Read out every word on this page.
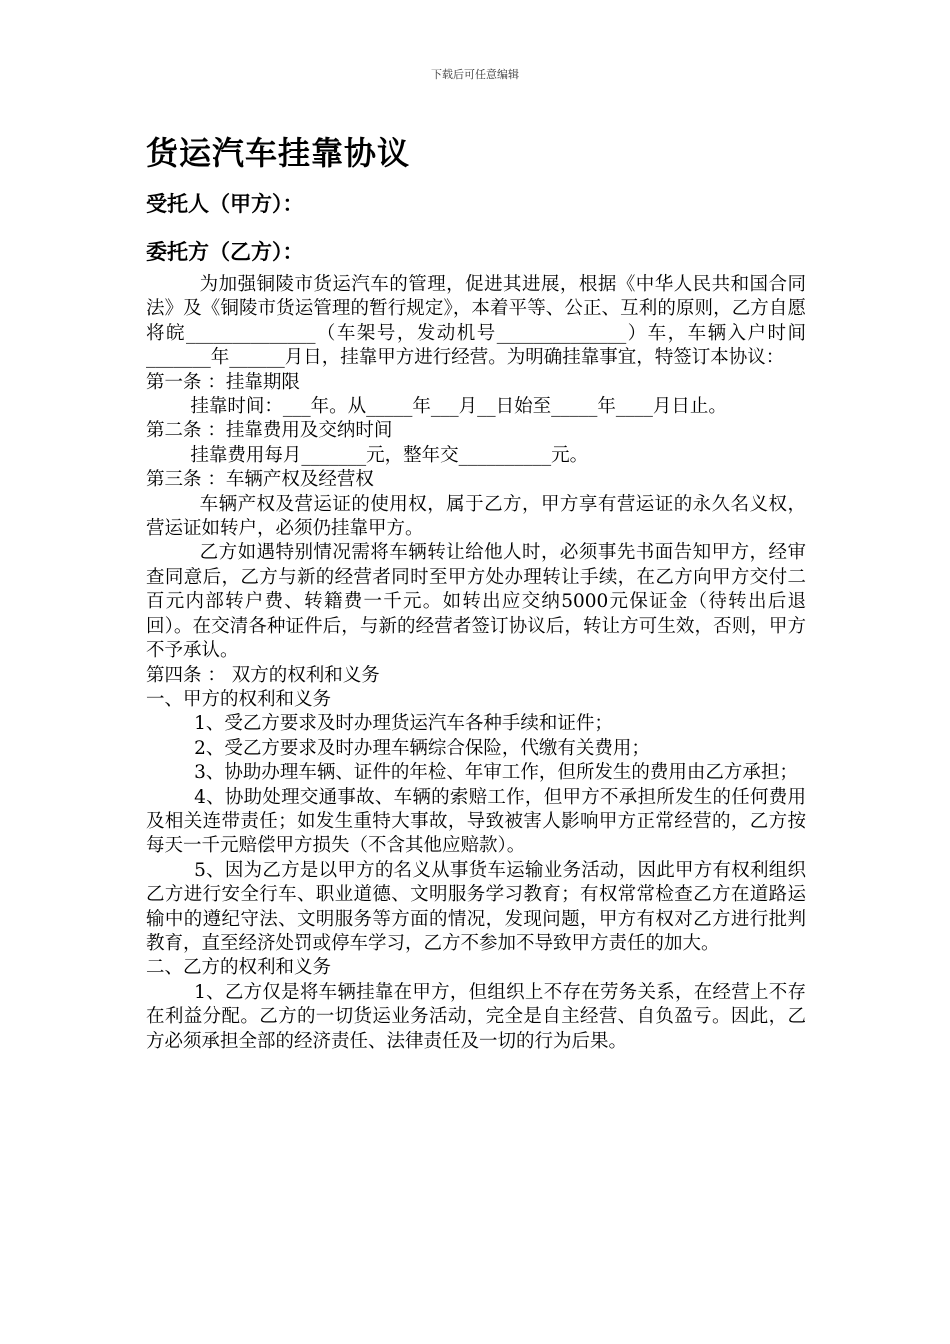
下载后可任意编辑
货运汽车挂靠协议
受托人（甲方）：
委托方（乙方）：

为加强铜陵市货运汽车的管理，促进其进展，根据《中华人民共和国合同法》及《铜陵市货运管理的暂行规定》，本着平等、公正、互利的原则，乙方自愿将皖______________（车架号，发动机号______________）车，车辆入户时间_______年______月日，挂靠甲方进行经营。为明确挂靠事宜，特签订本协议：

第一条 ：挂靠期限

挂靠时间：___年。从_____年___月__日始至_____年____月日止。

第二条 ：挂靠费用及交纳时间

挂靠费用每月_______元，整年交__________元。

第三条 ：车辆产权及经营权

车辆产权及营运证的使用权，属于乙方，甲方享有营运证的永久名义权，营运证如转户，必须仍挂靠甲方。

乙方如遇特别情况需将车辆转让给他人时，必须事先书面告知甲方，经审查同意后，乙方与新的经营者同时至甲方处办理转让手续，在乙方向甲方交付二百元内部转户费、转籍费一千元。如转出应交纳5000元保证金（待转出后退回）。在交清各种证件后，与新的经营者签订协议后，转让方可生效，否则，甲方不予承认。

第四条 ： 双方的权利和义务

一、甲方的权利和义务

1、受乙方要求及时办理货运汽车各种手续和证件；

2、受乙方要求及时办理车辆综合保险，代缴有关费用；

3、协助办理车辆、证件的年检、年审工作，但所发生的费用由乙方承担；

4、协助处理交通事故、车辆的索赔工作，但甲方不承担所发生的任何费用及相关连带责任；如发生重特大事故，导致被害人影响甲方正常经营的，乙方按每天一千元赔偿甲方损失（不含其他应赔款）。

5、因为乙方是以甲方的名义从事货车运输业务活动，因此甲方有权利组织乙方进行安全行车、职业道德、文明服务学习教育；有权常常检查乙方在道路运输中的遵纪守法、文明服务等方面的情况，发现问题，甲方有权对乙方进行批判教育，直至经济处罚或停车学习，乙方不参加不导致甲方责任的加大。

二、乙方的权利和义务

1、乙方仅是将车辆挂靠在甲方，但组织上不存在劳务关系，在经营上不存在利益分配。乙方的一切货运业务活动，完全是自主经营、自负盈亏。因此，乙方必须承担全部的经济责任、法律责任及一切的行为后果。
